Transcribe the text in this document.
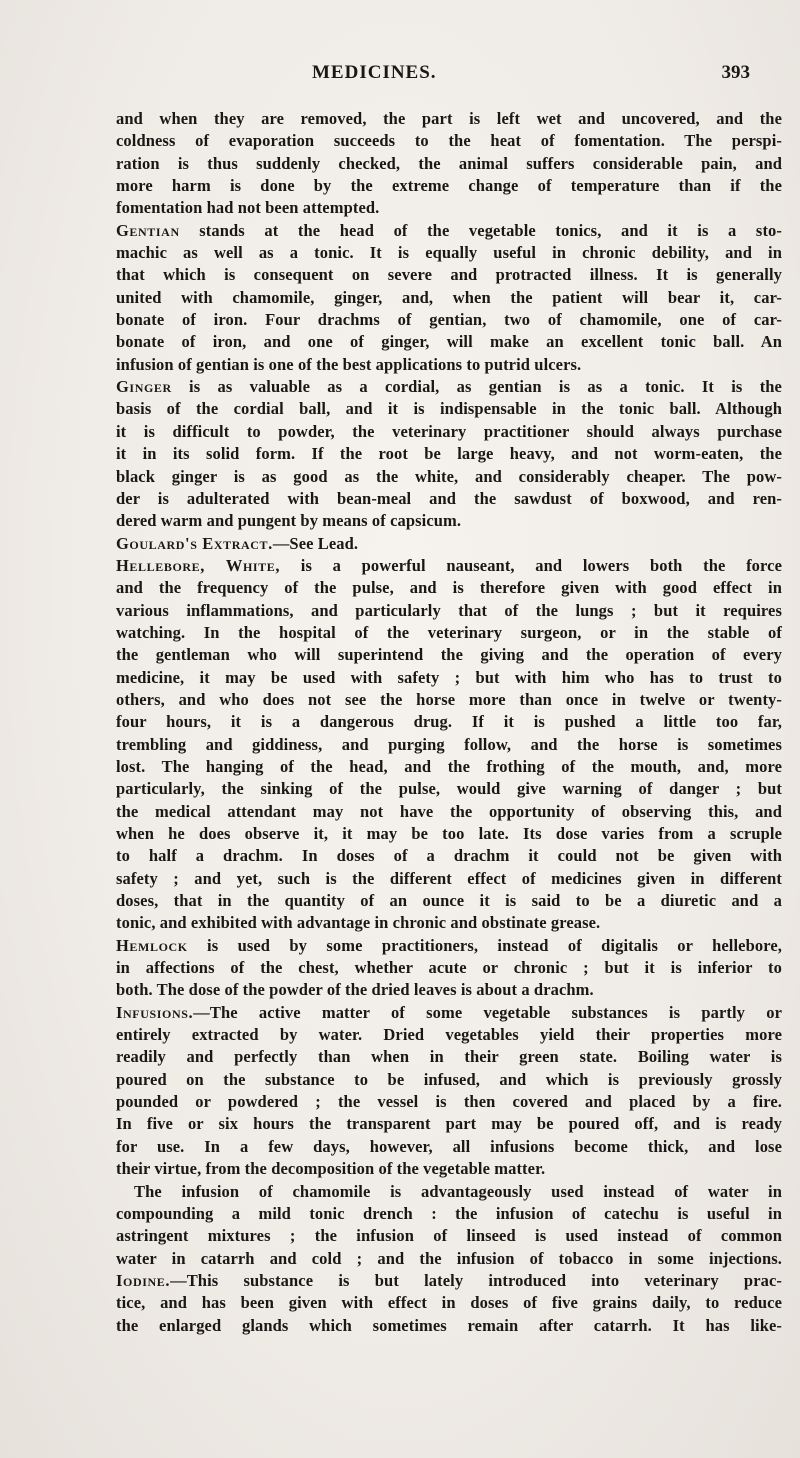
MEDICINES.	393
and when they are removed, the part is left wet and uncovered, and the
coldness of evaporation succeeds to the heat of fomentation. The perspi-
ration is thus suddenly checked, the animal suffers considerable pain, and
more harm is done by the extreme change of temperature than if the
fomentation had not been attempted.
Gentian stands at the head of the vegetable tonics, and it is a sto-
machic as well as a tonic. It is equally useful in chronic debility, and in
that which is consequent on severe and protracted illness. It is generally
united with chamomile, ginger, and, when the patient will bear it, car-
bonate of iron. Four drachms of gentian, two of chamomile, one of car-
bonate of iron, and one of ginger, will make an excellent tonic ball. An
infusion of gentian is one of the best applications to putrid ulcers.
Ginger is as valuable as a cordial, as gentian is as a tonic. It is the
basis of the cordial ball, and it is indispensable in the tonic ball. Although
it is difficult to powder, the veterinary practitioner should always purchase
it in its solid form. If the root be large heavy, and not worm-eaten, the
black ginger is as good as the white, and considerably cheaper. The pow-
der is adulterated with bean-meal and the sawdust of boxwood, and ren-
dered warm and pungent by means of capsicum.
Goulard's Extract.—See Lead.
Hellebore, White, is a powerful nauseant, and lowers both the force
and the frequency of the pulse, and is therefore given with good effect in
various inflammations, and particularly that of the lungs ; but it requires
watching. In the hospital of the veterinary surgeon, or in the stable of
the gentleman who will superintend the giving and the operation of every
medicine, it may be used with safety ; but with him who has to trust to
others, and who does not see the horse more than once in twelve or twenty-
four hours, it is a dangerous drug. If it is pushed a little too far,
trembling and giddiness, and purging follow, and the horse is sometimes
lost. The hanging of the head, and the frothing of the mouth, and, more
particularly, the sinking of the pulse, would give warning of danger ; but
the medical attendant may not have the opportunity of observing this, and
when he does observe it, it may be too late. Its dose varies from a scruple
to half a drachm. In doses of a drachm it could not be given with
safety ; and yet, such is the different effect of medicines given in different
doses, that in the quantity of an ounce it is said to be a diuretic and a
tonic, and exhibited with advantage in chronic and obstinate grease.
Hemlock is used by some practitioners, instead of digitalis or hellebore,
in affections of the chest, whether acute or chronic ; but it is inferior to
both. The dose of the powder of the dried leaves is about a drachm.
Infusions.—The active matter of some vegetable substances is partly or
entirely extracted by water. Dried vegetables yield their properties more
readily and perfectly than when in their green state. Boiling water is
poured on the substance to be infused, and which is previously grossly
pounded or powdered ; the vessel is then covered and placed by a fire.
In five or six hours the transparent part may be poured off, and is ready
for use. In a few days, however, all infusions become thick, and lose
their virtue, from the decomposition of the vegetable matter.
The infusion of chamomile is advantageously used instead of water in
compounding a mild tonic drench : the infusion of catechu is useful in
astringent mixtures ; the infusion of linseed is used instead of common
water in catarrh and cold ; and the infusion of tobacco in some injections.
Iodine.—This substance is but lately introduced into veterinary prac-
tice, and has been given with effect in doses of five grains daily, to reduce
the enlarged glands which sometimes remain after catarrh. It has like-
